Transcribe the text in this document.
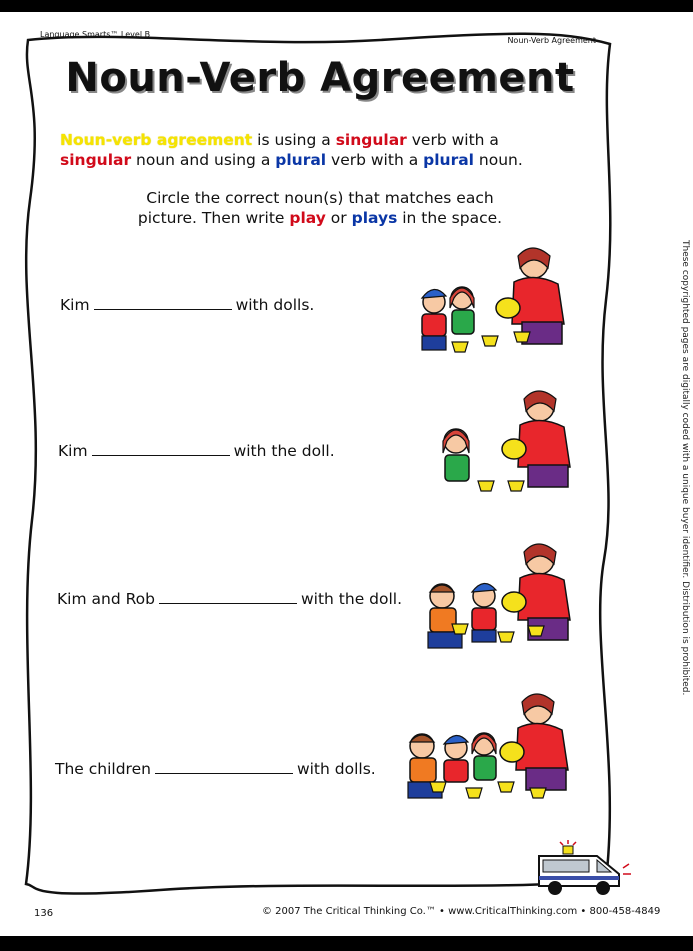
Language Smarts™ Level B
Noun-Verb Agreement
Noun-Verb Agreement
Noun-verb agreement is using a singular verb with a
singular noun and using a plural verb with a plural noun.
Circle the correct noun(s) that matches each
picture. Then write play or plays in the space.
Kim	with dolls.
Kim	with the doll.
Kim and Rob	with the doll.
The children	with dolls.
136	© 2007 The Critical Thinking Co.™ • www.CriticalThinking.com • 800-458-4849
These copyrighted pages are digitally coded with a unique buyer identifier. Distribution is prohibited.
